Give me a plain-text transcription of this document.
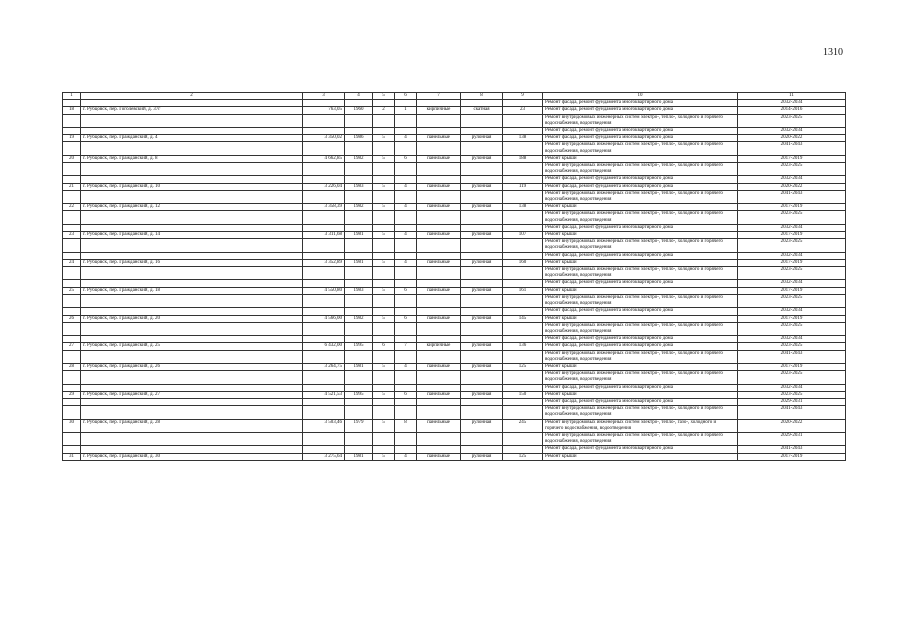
1310
1	2	3	4	5	6	7	8	9	10	11
									Ремонт фасада, ремонт фундамента многоквартирного дома	2032-2034
18	г. Рубцовск, пер. Гоголевский, д. 37г	763,05	1960	2	1	кирпичные	скатная	23	Ремонт фасада, ремонт фундамента многоквартирного дома	2014-2016
									Ремонт внутридомовых инженерных систем электро-, тепло-, холодного и горячего водоснабжения, водоотведения	2023-2025
									Ремонт фасада, ремонт фундамента многоквартирного дома	2032-2034
19	г. Рубцовск, пер. Гражданский, д. 4	3 350,02	1986	5	4	панельные	рулонная	138	Ремонт фасада, ремонт фундамента многоквартирного дома	2020-2022
									Ремонт внутридомовых инженерных систем электро-, тепло-, холодного и горячего водоснабжения, водоотведения	2041-2043
20	г. Рубцовск, пер. Гражданский, д. 8	4 662,85	1982	5	6	панельные	рулонная	188	Ремонт крыши	2017-2019
									Ремонт внутридомовых инженерных систем электро-, тепло-, холодного и горячего водоснабжения, водоотведения	2023-2025
									Ремонт фасада, ремонт фундамента многоквартирного дома	2032-2034
21	г. Рубцовск, пер. Гражданский, д. 10	3 226,04	1983	5	4	панельные	рулонная	119	Ремонт фасада, ремонт фундамента многоквартирного дома	2020-2022
									Ремонт внутридомовых инженерных систем электро-, тепло-, холодного и горячего водоснабжения, водоотведения	2041-2043
22	г. Рубцовск, пер. Гражданский, д. 12	3 358,39	1982	5	4	панельные	рулонная	138	Ремонт крыши	2017-2019
									Ремонт внутридомовых инженерных систем электро-, тепло-, холодного и горячего водоснабжения, водоотведения	2023-2025
									Ремонт фасада, ремонт фундамента многоквартирного дома	2032-2034
23	г. Рубцовск, пер. Гражданский, д. 14	3 311,68	1981	5	4	панельные	рулонная	107	Ремонт крыши	2017-2019
									Ремонт внутридомовых инженерных систем электро-, тепло-, холодного и горячего водоснабжения, водоотведения	2023-2025
									Ремонт фасада, ремонт фундамента многоквартирного дома	2032-2034
24	г. Рубцовск, пер. Гражданский, д. 16	3 352,89	1981	5	4	панельные	рулонная	160	Ремонт крыши	2017-2019
									Ремонт внутридомовых инженерных систем электро-, тепло-, холодного и горячего водоснабжения, водоотведения	2023-2025
									Ремонт фасада, ремонт фундамента многоквартирного дома	2032-2034
25	г. Рубцовск, пер. Гражданский, д. 18	4 550,80	1983	5	6	панельные	рулонная	161	Ремонт крыши	2017-2019
									Ремонт внутридомовых инженерных систем электро-, тепло-, холодного и горячего водоснабжения, водоотведения	2023-2025
									Ремонт фасада, ремонт фундамента многоквартирного дома	2032-2034
26	г. Рубцовск, пер. Гражданский, д. 20	4 566,00	1982	5	6	панельные	рулонная	145	Ремонт крыши	2017-2019
									Ремонт внутридомовых инженерных систем электро-, тепло-, холодного и горячего водоснабжения, водоотведения	2023-2025
									Ремонт фасада, ремонт фундамента многоквартирного дома	2032-2034
27	г. Рубцовск, пер. Гражданский, д. 25	6 432,00	1995	6	7	кирпичные	рулонная	136	Ремонт фасада, ремонт фундамента многоквартирного дома	2023-2025
									Ремонт внутридомовых инженерных систем электро-, тепло-, холодного и горячего водоснабжения, водоотведения	2041-2043
28	г. Рубцовск, пер. Гражданский, д. 26	3 264,75	1981	5	4	панельные	рулонная	125	Ремонт крыши	2017-2019
									Ремонт внутридомовых инженерных систем электро-, тепло-, холодного и горячего водоснабжения, водоотведения	2023-2025
									Ремонт фасада, ремонт фундамента многоквартирного дома	2032-2034
29	г. Рубцовск, пер. Гражданский, д. 27	4 521,53	1995	5	6	панельные	рулонная	150	Ремонт крыши	2023-2025
									Ремонт фасада, ремонт фундамента многоквартирного дома	2029-2031
									Ремонт внутридомовых инженерных систем электро-, тепло-, холодного и горячего водоснабжения, водоотведения	2041-2043
30	г. Рубцовск, пер. Гражданский, д. 28	3 503,46	1979	5	8	панельные	рулонная	245	Ремонт внутридомовых инженерных систем электро-, тепло-, газо-, холодного и горячего водоснабжения, водоотведения	2020-2022
									Ремонт внутридомовых инженерных систем электро-, тепло-, холодного и горячего водоснабжения, водоотведения	2029-2031
									Ремонт фасада, ремонт фундамента многоквартирного дома	2041-2043
31	г. Рубцовск, пер. Гражданский, д. 30	3 275,64	1981	5	4	панельные	рулонная	125	Ремонт крыши	2017-2019
